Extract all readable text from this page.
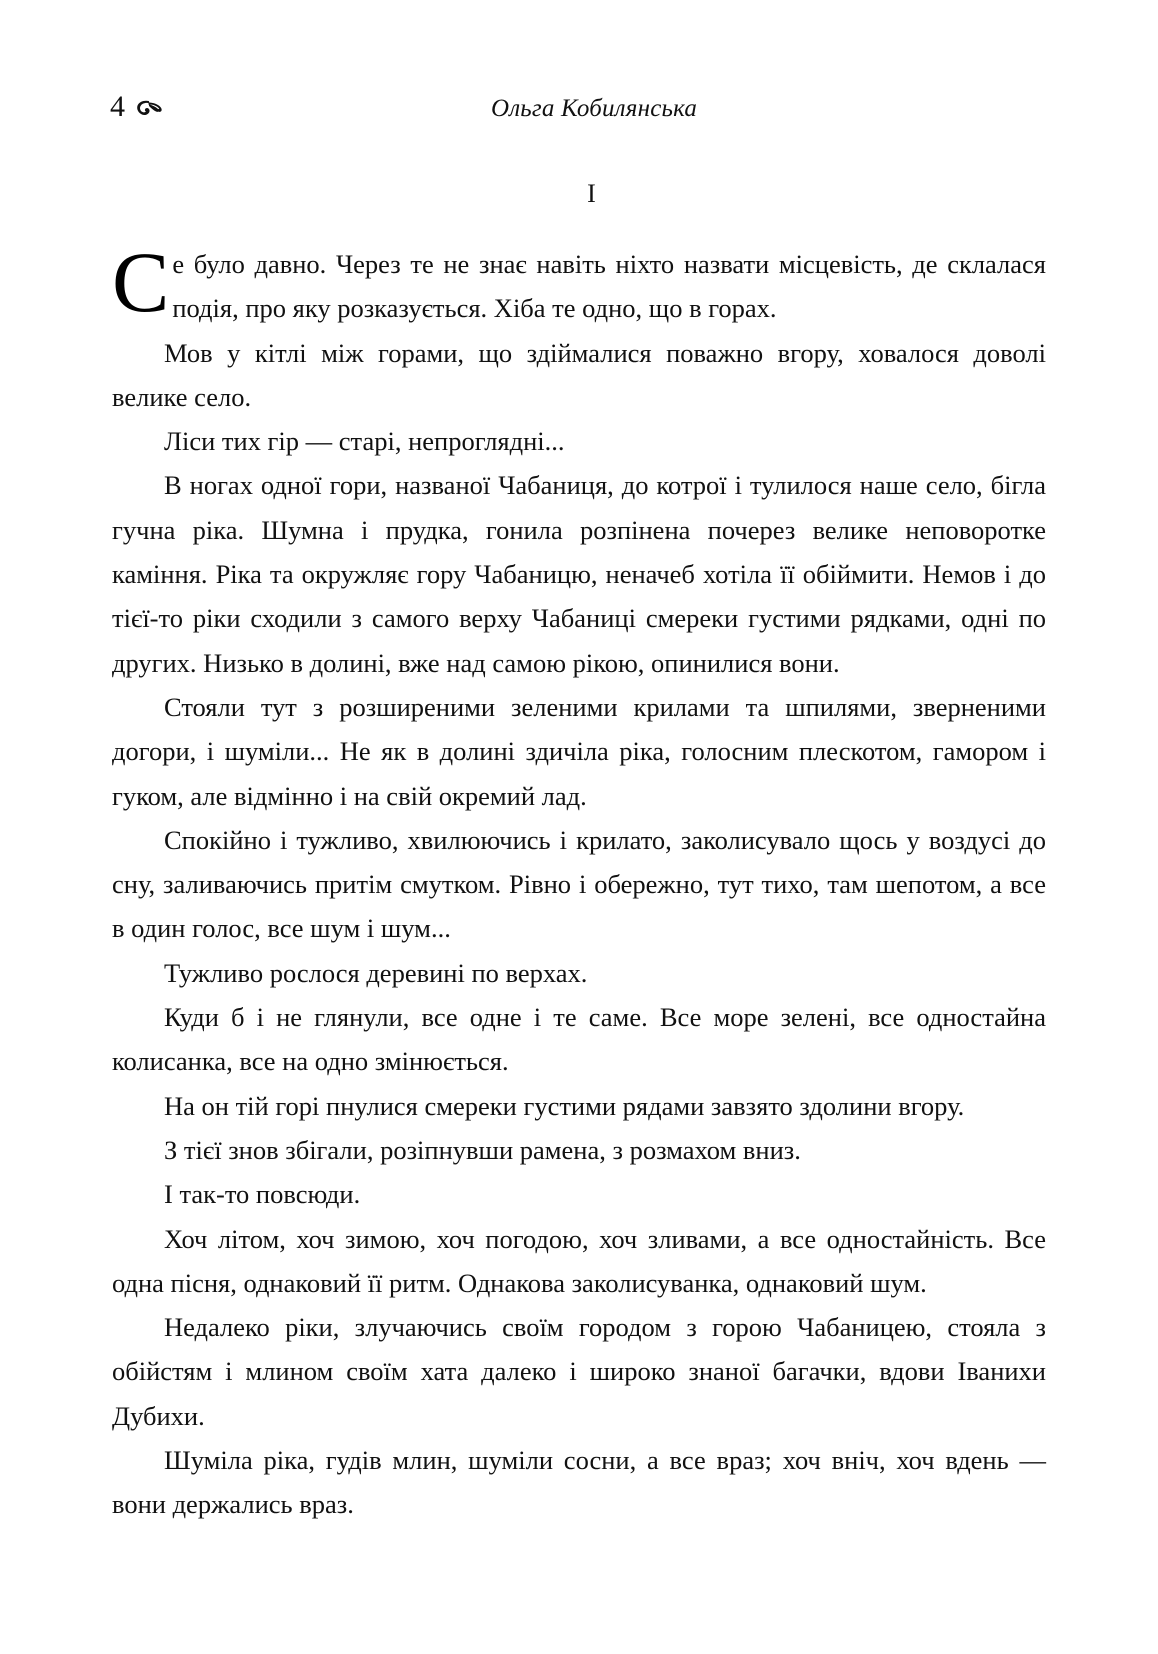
4	Ольга Кобилянська
I

Се було давно. Через те не знає навіть ніхто назвати місцевість, де склалася подія, про яку розказується. Хіба те одно, що в горах.

Мов у кітлі між горами, що здіймалися поважно вгору, ховалося доволі велике село.

Ліси тих гір — старі, непроглядні...

В ногах одної гори, названої Чабаниця, до котрої і тулилося наше село, бігла гучна ріка. Шумна і прудка, гонила розпінена почерез велике неповоротке каміння. Ріка та окружляє гору Чабаницю, неначеб хотіла її обіймити. Немов і до тієї-то ріки сходили з самого верху Чабаниці смереки густими рядками, одні по других. Низько в долині, вже над самою рікою, опинилися вони.

Стояли тут з розширеними зеленими крилами та шпилями, зверненими догори, і шуміли... Не як в долині здичіла ріка, голосним плескотом, гамором і гуком, але відмінно і на свій окремий лад.

Спокійно і тужливо, хвилюючись і крилато, заколисувало щось у воздусі до сну, заливаючись притім смутком. Рівно і обережно, тут тихо, там шепотом, а все в один голос, все шум і шум...

Тужливо рослося деревині по верхах.

Куди б і не глянули, все одне і те саме. Все море зелені, все одностайна колисанка, все на одно змінюється.

На он тій горі пнулися смереки густими рядами завзято здолини вгору.

З тієї знов збігали, розіпнувши рамена, з розмахом вниз.

І так-то повсюди.

Хоч літом, хоч зимою, хоч погодою, хоч зливами, а все одностайність. Все одна пісня, однаковий її ритм. Однакова заколисуванка, однаковий шум.

Недалеко ріки, злучаючись своїм городом з горою Чабаницею, стояла з обійстям і млином своїм хата далеко і широко знаної багачки, вдови Іванихи Дубихи.

Шуміла ріка, гудів млин, шуміли сосни, а все враз; хоч вніч, хоч вдень — вони держались враз.
